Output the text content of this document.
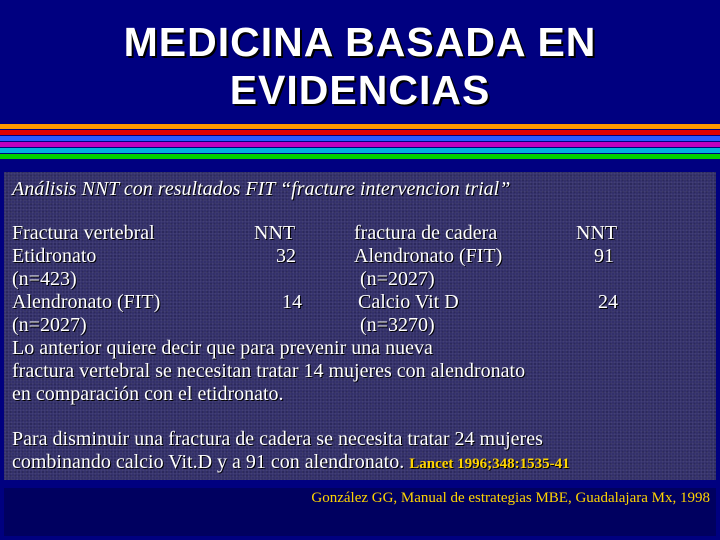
MEDICINA BASADA EN
EVIDENCIAS
Análisis NNT con resultados FIT “fracture intervencion trial”
Fractura vertebral	NNT
Etidronato	32
(n=423)
Alendronato (FIT)	14
(n=2027)
fractura de cadera	NNT
Alendronato (FIT)	91
(n=2027)
Calcio Vit D	24
(n=3270)
Lo anterior quiere decir que para prevenir una nueva
fractura vertebral se necesitan tratar 14 mujeres con alendronato
en comparación con el etidronato.
Para disminuir una fractura de cadera se necesita tratar 24 mujeres
combinando calcio Vit.D y a 91 con alendronato. Lancet 1996;348:1535-41
González GG, Manual de estrategias MBE, Guadalajara Mx, 1998
